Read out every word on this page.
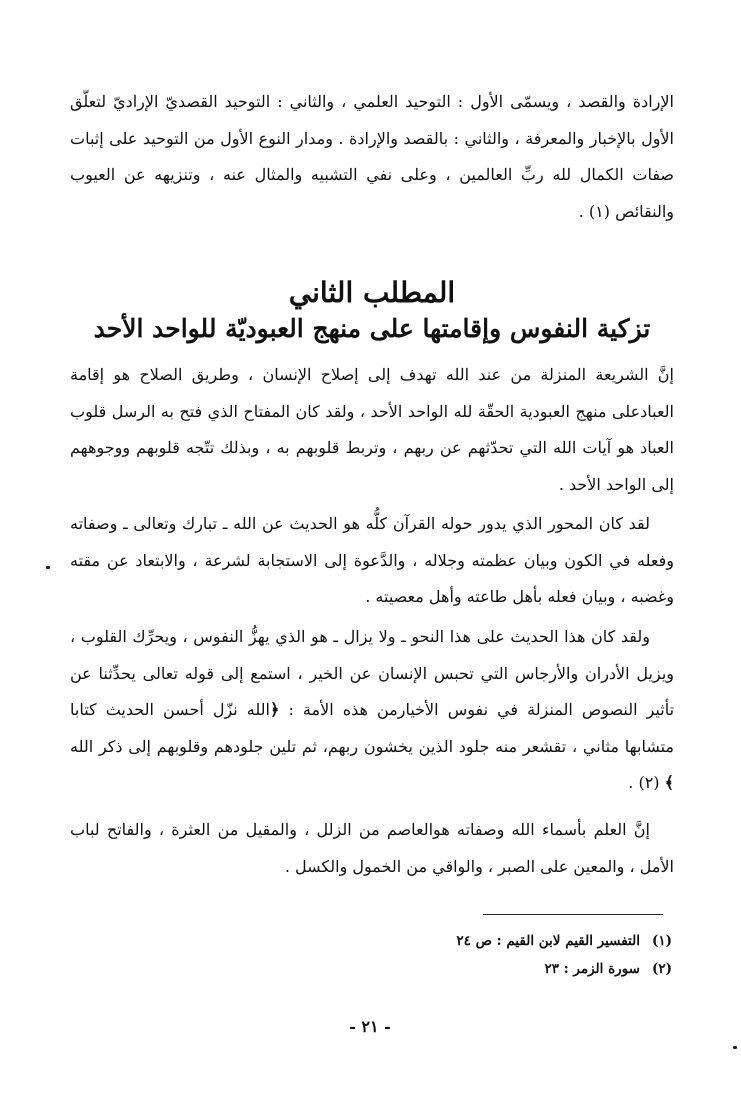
الإرادة والقصد ، ويسمّى الأول : التوحيد العلمي ، والثاني : التوحيد القصديّ الإراديّ لتعلّق الأول بالإخبار والمعرفة ، والثاني : بالقصد والإرادة . ومدار النوع الأول من التوحيد على إثبات صفات الكمال لله ربِّ العالمين ، وعلى نفي التشبيه والمثال عنه ، وتنزيهه عن العيوب والنقائص (١) .

المطلب الثاني
تزكية النفوس وإقامتها على منهج العبوديّة للواحد الأحد

إنَّ الشريعة المنزلة من عند الله تهدف إلى إصلاح الإنسان ، وطريق الصلاح هو إقامة العبادعلى منهج العبودية الحقّة لله الواحد الأحد ، ولقد كان المفتاح الذي فتح به الرسل قلوب العباد هو آيات الله التي تحدّثهم عن ربهم ، وتربط قلوبهم به ، وبذلك تتّجه قلوبهم ووجوههم إلى الواحد الأحد .

لقد كان المحور الذي يدور حوله القرآن كلُّه هو الحديث عن الله ـ تبارك وتعالى ـ وصفاته وفعله في الكون وبيان عظمته وجلاله ، والدَّعوة إلى الاستجابة لشرعة ، والابتعاد عن مقته وغضبه ، وبيان فعله بأهل طاعته وأهل معصيته .

ولقد كان هذا الحديث على هذا النحو ـ ولا يزال ـ هو الذي يهزُّ النفوس ، ويحرِّك القلوب ، ويزيل الأدران والأرجاس التي تحبس الإنسان عن الخير ، استمع إلى قوله تعالى يحدِّثنا عن تأثير النصوص المنزلة في نفوس الأخيارمن هذه الأمة : ﴿الله نزّل أحسن الحديث كتابا متشابها مثاني ، تقشعر منه جلود الذين يخشون ربهم، ثم تلين جلودهم وقلوبهم إلى ذكر الله ﴾ (٢) .

إنَّ العلم بأسماء الله وصفاته هوالعاصم من الزلل ، والمقيل من العثرة ، والفاتح لباب الأمل ، والمعين على الصبر ، والواقي من الخمول والكسل .

(١)التفسير القيم لابن القيم : ص ٢٤

(٢)سورة الزمر : ٢٣

- ٢١ -
